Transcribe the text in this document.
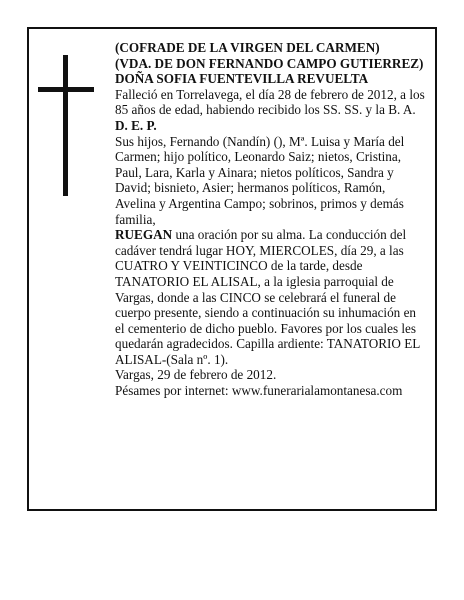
(COFRADE DE LA VIRGEN DEL CARMEN)

(VDA. DE DON FERNANDO CAMPO GUTIERREZ)

DOÑA SOFIA FUENTEVILLA REVUELTA

Falleció en Torrelavega, el día 28 de febrero de 2012, a los 85 años de edad, habiendo recibido los SS. SS. y la B. A.

D. E. P.

Sus hijos, Fernando (Nandín) (), Mª. Luisa y María del Carmen; hijo político, Leonardo Saiz; nietos, Cristina, Paul, Lara, Karla y Ainara; nietos políticos, Sandra y David; bisnieto, Asier; hermanos políticos, Ramón, Avelina y Argentina Campo; sobrinos, primos y demás familia,

RUEGAN una oración por su alma. La conducción del cadáver tendrá lugar HOY, MIERCOLES, día 29, a las CUATRO Y VEINTICINCO de la tarde, desde TANATORIO EL ALISAL, a la iglesia parroquial de Vargas, donde a las CINCO se celebrará el funeral de cuerpo presente, siendo a continuación su inhumación en el cementerio de dicho pueblo. Favores por los cuales les quedarán agradecidos. Capilla ardiente: TANATORIO EL ALISAL-(Sala nº. 1).

Vargas, 29 de febrero de 2012.

Pésames por internet: www.funerarialamontanesa.com
